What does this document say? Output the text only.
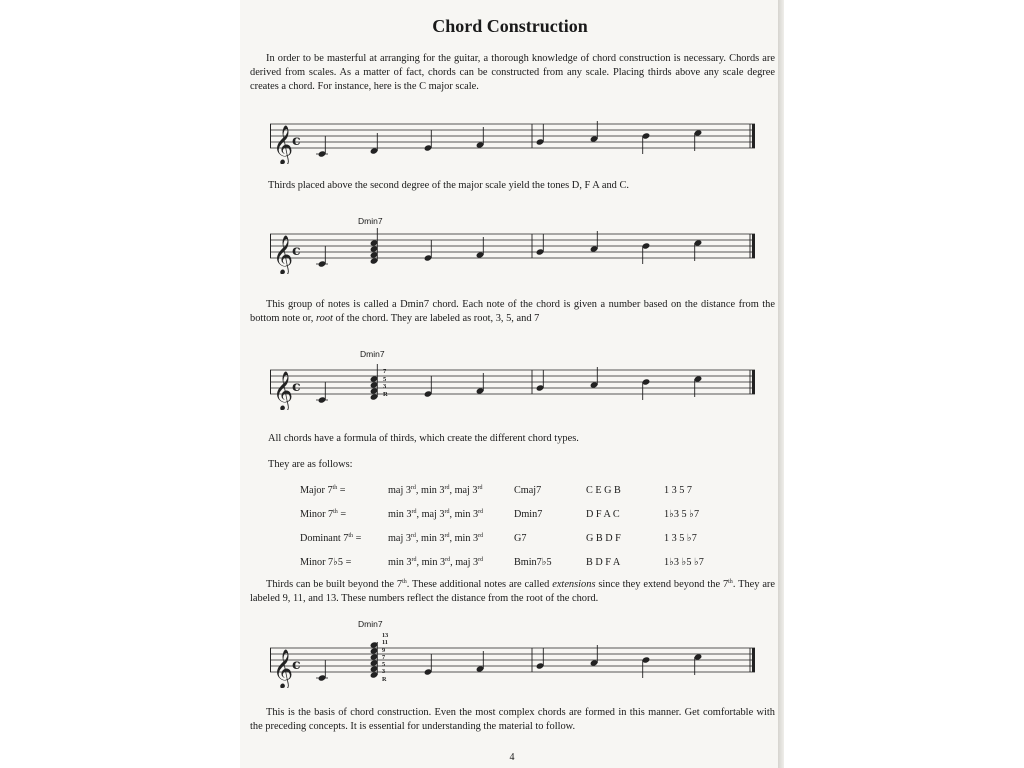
Chord Construction
In order to be masterful at arranging for the guitar, a thorough knowledge of chord construction is necessary. Chords are derived from scales. As a matter of fact, chords can be constructed from any scale. Placing thirds above any scale degree creates a chord. For instance, here is the C major scale.
𝄞
c
Thirds placed above the second degree of the major scale yield the tones D, F A and C.
Dmin7
𝄞
c
This group of notes is called a Dmin7 chord. Each note of the chord is given a number based on the distance from the bottom note or, root of the chord. They are labeled as root, 3, 5, and 7
Dmin7
𝄞
c
7
5
3
R
All chords have a formula of thirds, which create the different chord types.
They are as follows:
Major 7th =	maj 3rd, min 3rd, maj 3rd	Cmaj7	C E G B	1 3 5 7
Minor 7th =	min 3rd, maj 3rd, min 3rd	Dmin7	D F A C	1♭3 5 ♭7
Dominant 7th =	maj 3rd, min 3rd, min 3rd	G7	G B D F	1 3 5 ♭7
Minor 7♭5 =	min 3rd, min 3rd, maj 3rd	Bmin7♭5	B D F A	1♭3 ♭5 ♭7
Thirds can be built beyond the 7th. These additional notes are called extensions since they extend beyond the 7th. They are labeled 9, 11, and 13. These numbers reflect the distance from the root of the chord.
Dmin7
𝄞
c
13
11
9
7
5
3
R
This is the basis of chord construction. Even the most complex chords are formed in this manner. Get comfortable with the preceding concepts. It is essential for understanding the material to follow.
4
